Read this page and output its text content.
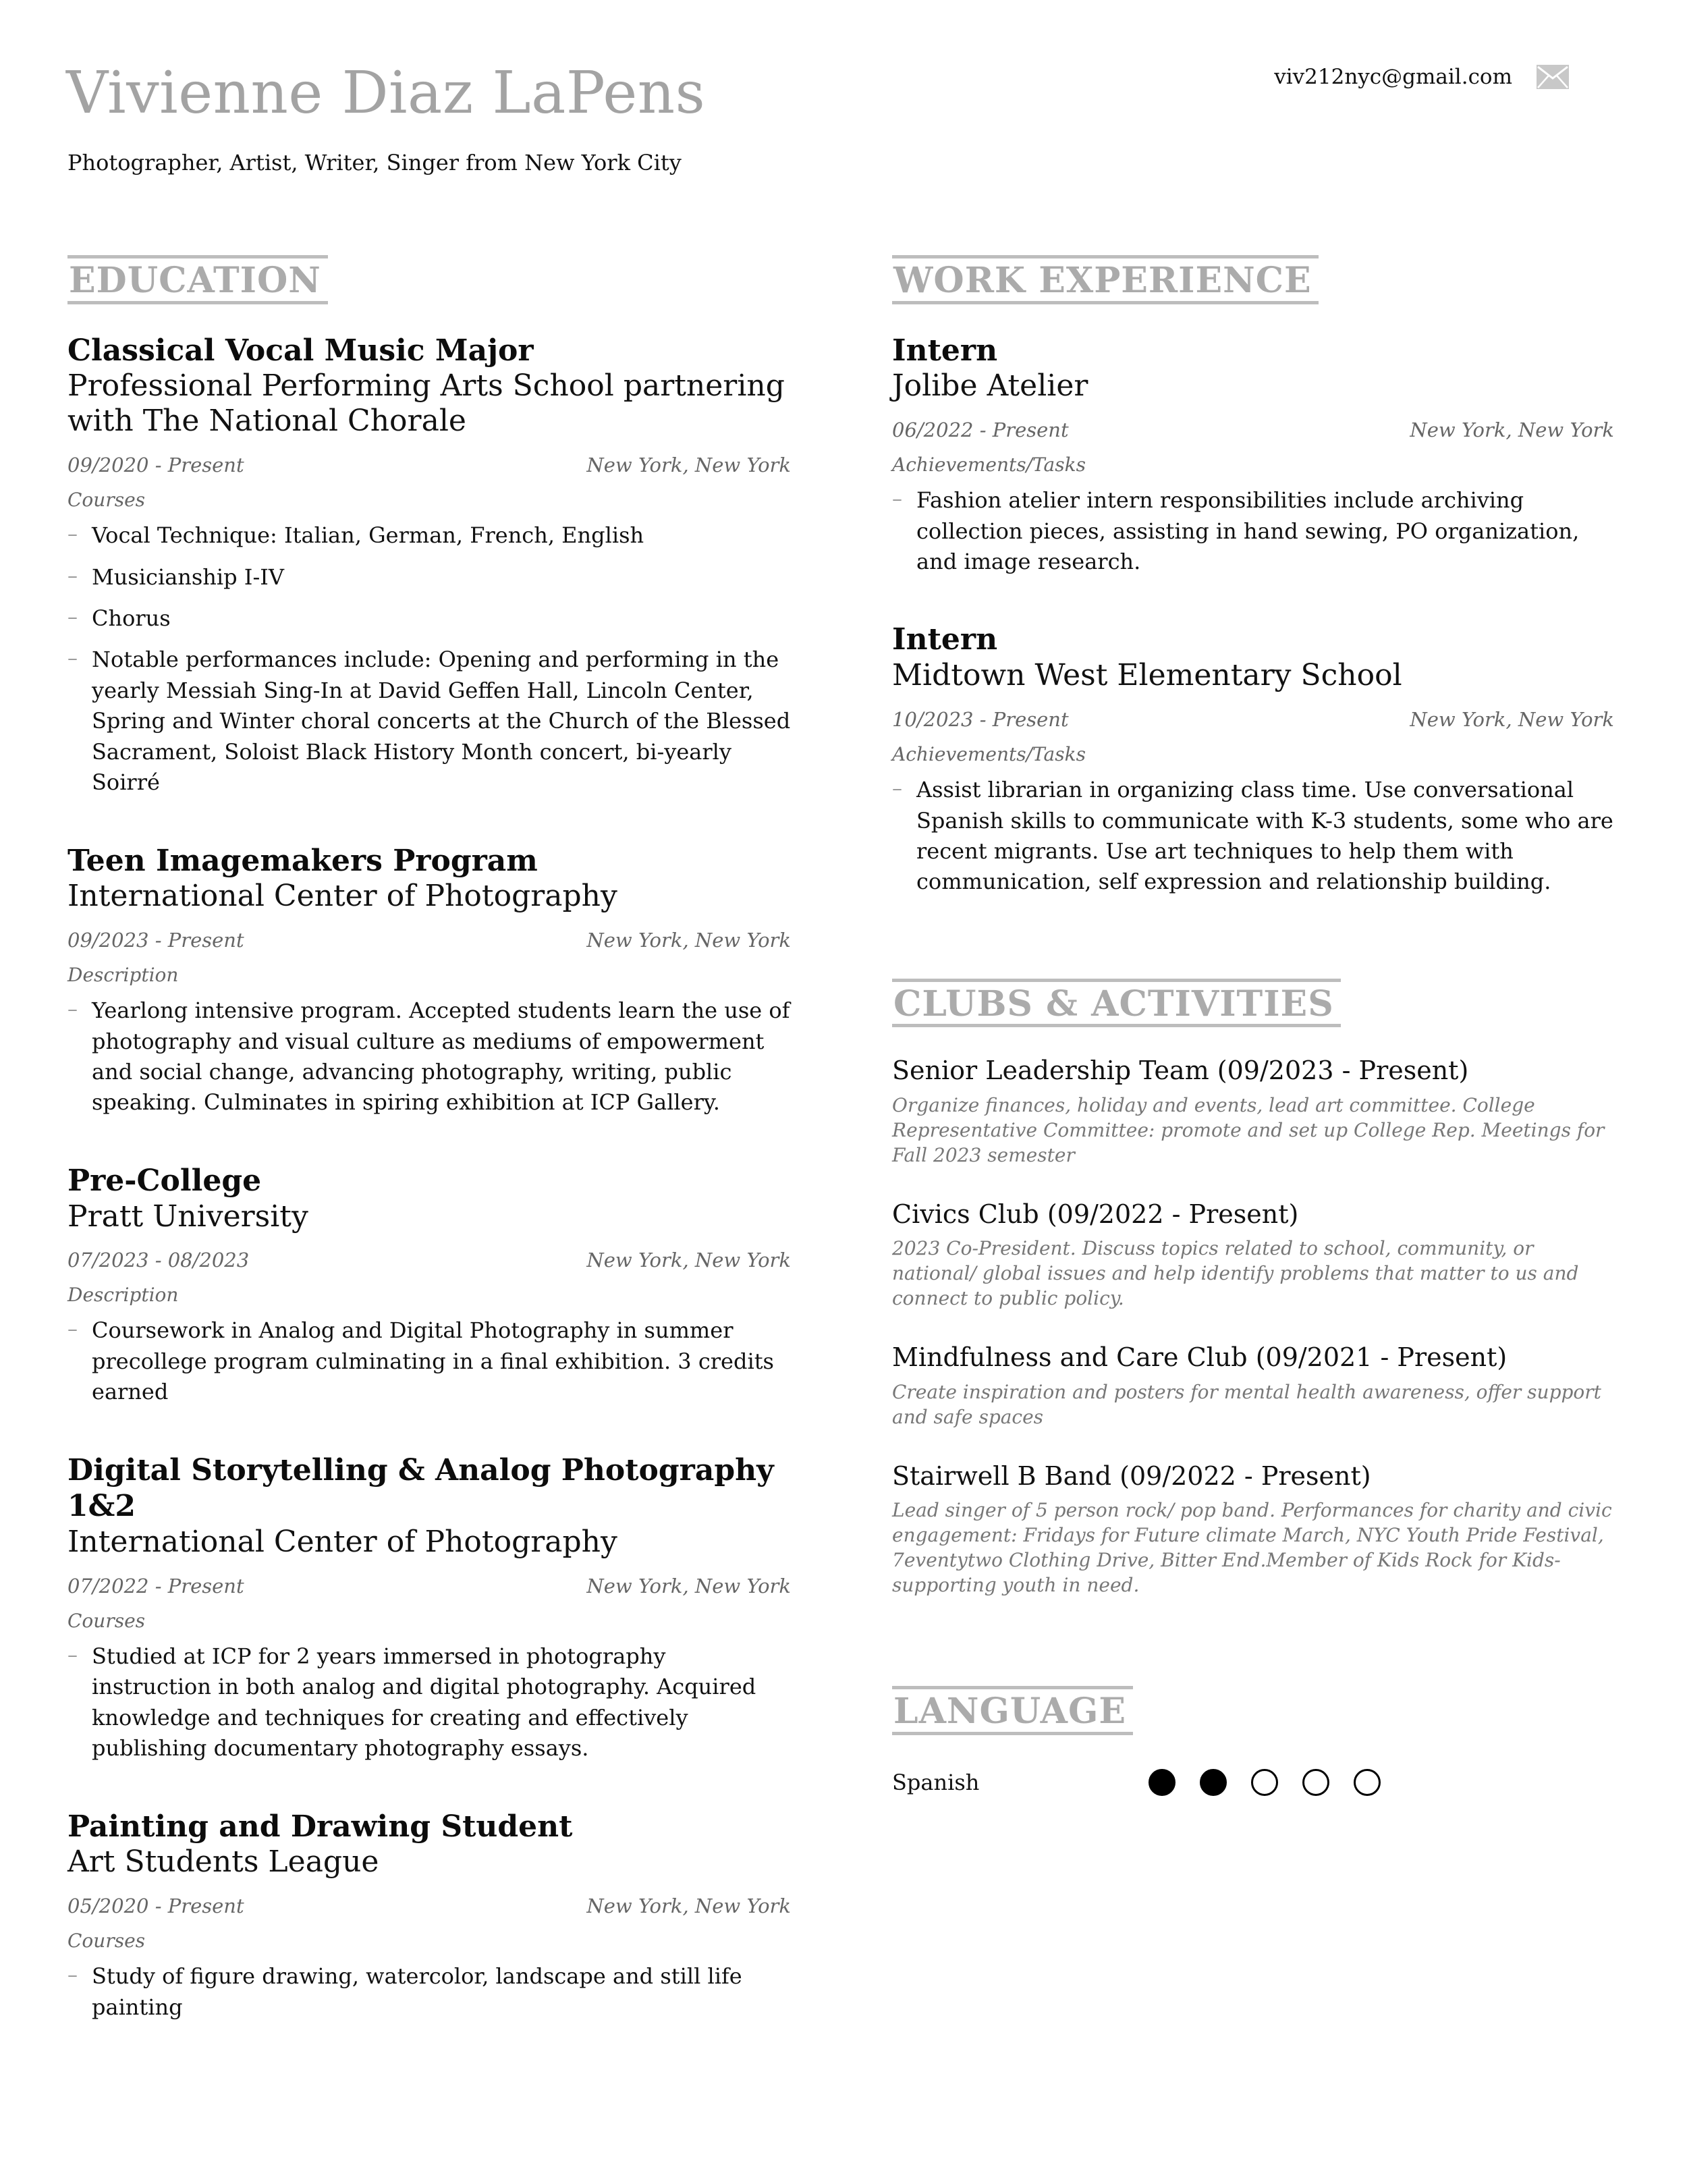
Vivienne Diaz LaPens
Photographer, Artist, Writer, Singer from New York City
viv212nyc@gmail.com
EDUCATION
Classical Vocal Music Major
Professional Performing Arts School partnering with The National Chorale
09/2020 - Present	New York, New York
Courses
– Vocal Technique: Italian, German, French, English
– Musicianship I-IV
– Chorus
– Notable performances include: Opening and performing in the yearly Messiah Sing-In at David Geffen Hall, Lincoln Center, Spring and Winter choral concerts at the Church of the Blessed Sacrament, Soloist Black History Month concert, bi-yearly Soirré
Teen Imagemakers Program
International Center of Photography
09/2023 - Present	New York, New York
Description
– Yearlong intensive program. Accepted students learn the use of photography and visual culture as mediums of empowerment and social change, advancing photography, writing, public speaking. Culminates in spiring exhibition at ICP Gallery.
Pre-College
Pratt University
07/2023 - 08/2023	New York, New York
Description
– Coursework in Analog and Digital Photography in summer precollege program culminating in a final exhibition. 3 credits earned
Digital Storytelling & Analog Photography 1&2
International Center of Photography
07/2022 - Present	New York, New York
Courses
– Studied at ICP for 2 years immersed in photography instruction in both analog and digital photography. Acquired knowledge and techniques for creating and effectively publishing documentary photography essays.
Painting and Drawing Student
Art Students League
05/2020 - Present	New York, New York
Courses
– Study of figure drawing, watercolor, landscape and still life painting
WORK EXPERIENCE
Intern
Jolibe Atelier
06/2022 - Present	New York, New York
Achievements/Tasks
– Fashion atelier intern responsibilities include archiving collection pieces, assisting in hand sewing, PO organization, and image research.
Intern
Midtown West Elementary School
10/2023 - Present	New York, New York
Achievements/Tasks
– Assist librarian in organizing class time. Use conversational Spanish skills to communicate with K-3 students, some who are recent migrants. Use art techniques to help them with communication, self expression and relationship building.
CLUBS & ACTIVITIES
Senior Leadership Team (09/2023 - Present)
Organize finances, holiday and events, lead art committee. College Representative Committee: promote and set up College Rep. Meetings for Fall 2023 semester
Civics Club (09/2022 - Present)
2023 Co-President. Discuss topics related to school, community, or national/ global issues and help identify problems that matter to us and connect to public policy.
Mindfulness and Care Club (09/2021 - Present)
Create inspiration and posters for mental health awareness, offer support and safe spaces
Stairwell B Band (09/2022 - Present)
Lead singer of 5 person rock/ pop band. Performances for charity and civic engagement: Fridays for Future climate March, NYC Youth Pride Festival, 7eventytwo Clothing Drive, Bitter End.Member of Kids Rock for Kids- supporting youth in need.
LANGUAGE
Spanish
